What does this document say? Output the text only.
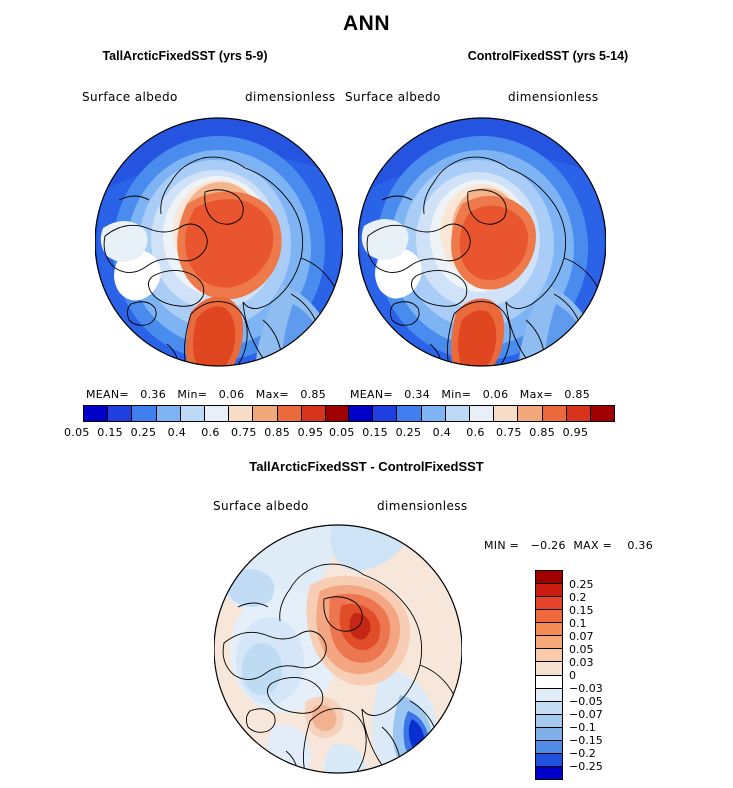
ANN
TallArcticFixedSST (yrs 5-9)
Surface albedo	dimensionless
MEAN=   0.36   Min=   0.06   Max=   0.85
0.05  0.15  0.25   0.4    0.6   0.75  0.85  0.95
ControlFixedSST (yrs 5-14)
Surface albedo	dimensionless
MEAN=   0.34   Min=   0.06   Max=   0.85
0.05  0.15  0.25   0.4    0.6   0.75  0.85  0.95
TallArcticFixedSST - ControlFixedSST
Surface albedo	dimensionless
MIN =   −0.26  MAX =    0.36
0.25
0.2
0.15
0.1
0.07
0.05
0.03
0
−0.03
−0.05
−0.07
−0.1
−0.15
−0.2
−0.25
